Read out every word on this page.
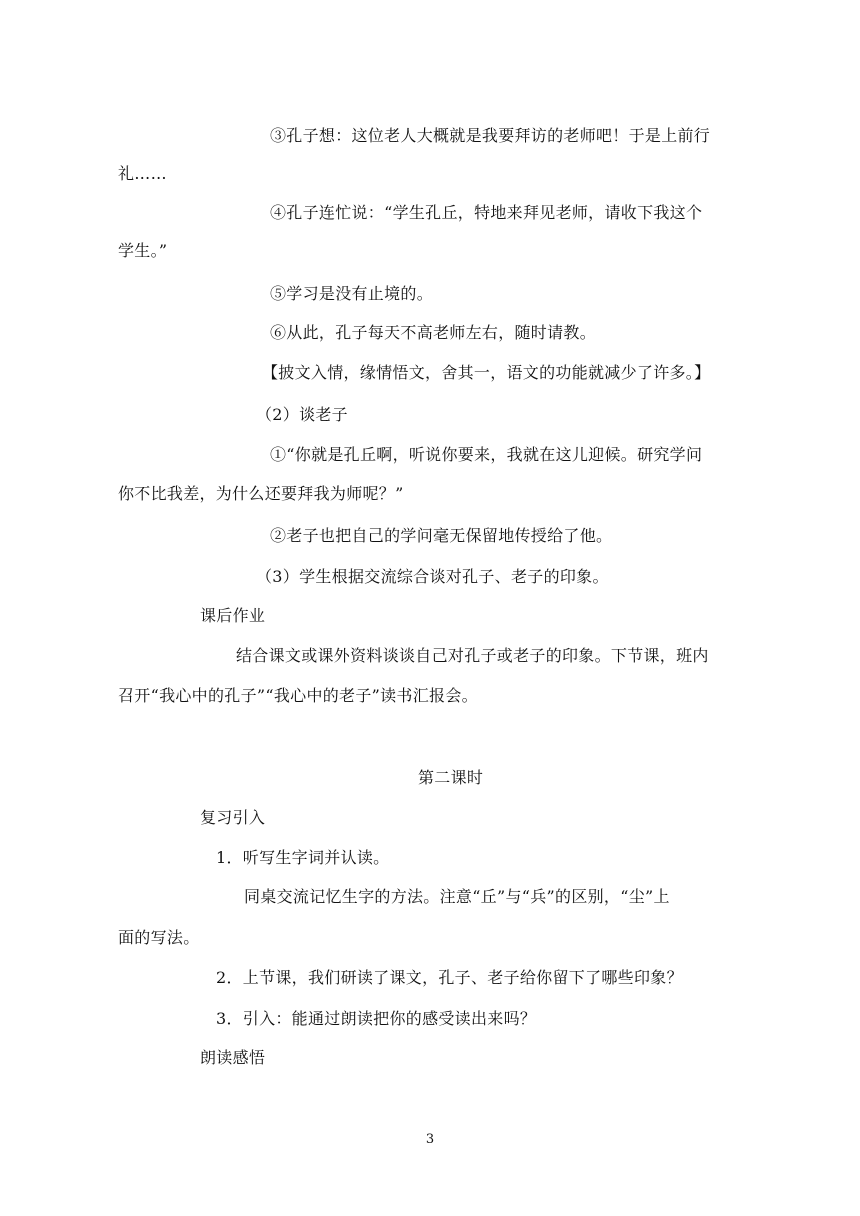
③孔子想：这位老人大概就是我要拜访的老师吧！于是上前行
礼……
④孔子连忙说：“学生孔丘，特地来拜见老师，请收下我这个
学生。”
⑤学习是没有止境的。
⑥从此，孔子每天不高老师左右，随时请教。
【披文入情，缘情悟文，舍其一，语文的功能就减少了许多。】
（2）谈老子
①“你就是孔丘啊，听说你要来，我就在这儿迎候。研究学问
你不比我差，为什么还要拜我为师呢？”
②老子也把自己的学问毫无保留地传授给了他。
（3）学生根据交流综合谈对孔子、老子的印象。
课后作业
结合课文或课外资料谈谈自己对孔子或老子的印象。下节课，班内
召开“我心中的孔子”“我心中的老子”读书汇报会。
第二课时
复习引入
1．听写生字词并认读。
同桌交流记忆生字的方法。注意“丘”与“兵”的区别，“尘”上
面的写法。
2．上节课，我们研读了课文，孔子、老子给你留下了哪些印象？
3．引入：能通过朗读把你的感受读出来吗？
朗读感悟
3
